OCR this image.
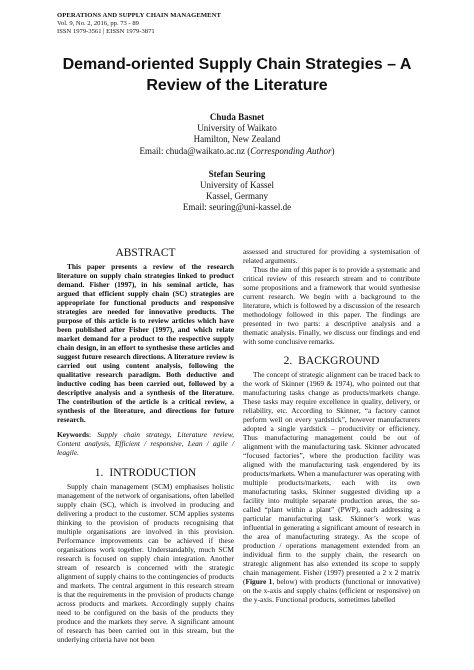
OPERATIONS AND SUPPLY CHAIN MANAGEMENT
Vol. 9, No. 2, 2016, pp. 73 - 89
ISSN 1979-3561 | EISSN 1979-3871
Demand-oriented Supply Chain Strategies – A
Review of the Literature
Chuda Basnet
University of Waikato
Hamilton, New Zealand
Email: chuda@waikato.ac.nz (Corresponding Author)
Stefan Seuring
University of Kassel
Kassel, Germany
Email: seuring@uni-kassel.de
ABSTRACT

This paper presents a review of the research literature on supply chain strategies linked to product demand. Fisher (1997), in his seminal article, has argued that efficient supply chain (SC) strategies are appropriate for functional products and responsive strategies are needed for innovative products. The purpose of this article is to review articles which have been published after Fisher (1997), and which relate market demand for a product to the respective supply chain design, in an effort to synthesise these articles and suggest future research directions. A literature review is carried out using content analysis, following the qualitative research paradigm. Both deductive and inductive coding has been carried out, followed by a descriptive analysis and a synthesis of the literature. The contribution of the article is a critical review, a synthesis of the literature, and directions for future research.

Keywords: Supply chain strategy, Literature review, Content analysis, Efficient / responsive, Lean / agile / leagile.
1. INTRODUCTION

Supply chain management (SCM) emphasises holistic management of the network of organisations, often labelled supply chain (SC), which is involved in producing and delivering a product to the customer. SCM applies systems thinking to the provision of products recognising that multiple organisations are involved in this provision. Performance improvements can be achieved if these organisations work together. Understandably, much SCM research is focused on supply chain integration. Another stream of research is concerned with the strategic alignment of supply chains to the contingencies of products and markets. The central argument in this research stream is that the requirements in the provision of products change across products and markets. Accordingly supply chains need to be configured on the basis of the products they produce and the markets they serve. A significant amount of research has been carried out in this stream, but the underlying criteria have not been

assessed and structured for providing a systemisation of related arguments.

Thus the aim of this paper is to provide a systematic and critical review of this research stream and to contribute some propositions and a framework that would synthesise current research. We begin with a background to the literature, which is followed by a discussion of the research methodology followed in this paper. The findings are presented in two parts: a descriptive analysis and a thematic analysis. Finally, we discuss our findings and end with some conclusive remarks.

2. BACKGROUND

The concept of strategic alignment can be traced back to the work of Skinner (1969 & 1974), who pointed out that manufacturing tasks change as products/markets change. These tasks may require excellence in quality, delivery, or reliability, etc. According to Skinner, “a factory cannot perform well on every yardstick”, however manufacturers adopted a single yardstick – productivity or efficiency. Thus manufacturing management could be out of alignment with the manufacturing task. Skinner advocated “focused factories”, where the production facility was aligned with the manufacturing task engendered by its products/markets. When a manufacturer was operating with multiple products/markets, each with its own manufacturing tasks, Skinner suggested dividing up a facility into multiple separate production areas, the so-called “plant within a plant” (PWP), each addressing a particular manufacturing task. Skinner’s work was influential in generating a significant amount of research in the area of manufacturing strategy. As the scope of production / operations management extended from an individual firm to the supply chain, the research on strategic alignment has also extended its scope to supply chain management. Fisher (1997) presented a 2 x 2 matrix (Figure 1, below) with products (functional or innovative) on the x-axis and supply chains (efficient or responsive) on the y-axis. Functional products, sometimes labelled
